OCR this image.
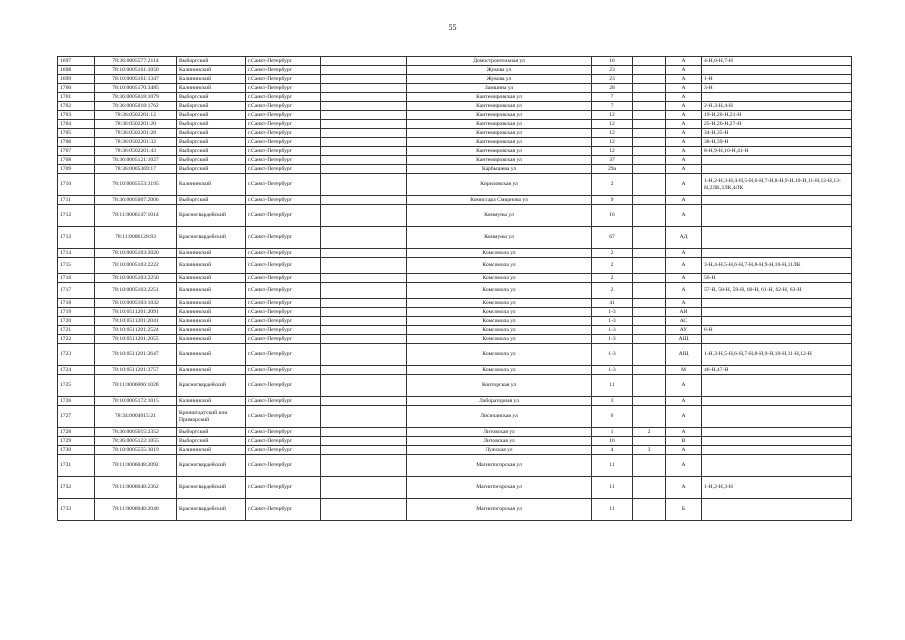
55
1697	78:36:0005577:2114	Выборгский	г.Санкт-Петербург		Домостроительная ул	16		А	4-Н,6-Н,7-Н
1698	78:10:0005161:1050	Калининский	г.Санкт-Петербург		Жукова ул	23		А	
1699	78:10:0005161:1347	Калининский	г.Санкт-Петербург		Жукова ул	23		А	1-Н
1700	78:10:0005170:3485	Калининский	г.Санкт-Петербург		Замшина ул	28		А	3-Н
1701	78:36:0005018:1079	Выборгский	г.Санкт-Петербург		Кантемировская ул	7		А	
1702	78:36:0005018:1762	Выборгский	г.Санкт-Петербург		Кантемировская ул	7		А	2-Н,3-Н,4-Н
1703	78:36:0502201:12	Выборгский	г.Санкт-Петербург		Кантемировская ул	12		А	19-Н,20-Н,21-Н
1704	78:36:0502201:20	Выборгский	г.Санкт-Петербург		Кантемировская ул	12		А	25-Н,26-Н,27-Н
1705	78:36:0502201:28	Выборгский	г.Санкт-Петербург		Кантемировская ул	12		А	34-Н,35-Н
1706	78:36:0502201:32	Выборгский	г.Санкт-Петербург		Кантемировская ул	12		А	38-Н,39-Н
1707	78:36:0502201:43	Выборгский	г.Санкт-Петербург		Кантемировская ул	12		А	8-Н,9-Н,10-Н,41-Н
1708	78:36:0005121:1027	Выборгский	г.Санкт-Петербург		Кантемировская ул	37		А	
1709	78:36:0005369:17	Выборгский	г.Санкт-Петербург		Карбышева ул	29а		А	
1710	78:10:0005553:3195	Калининский	г.Санкт-Петербург		Кириловская ул	2		А	1-Н,2-Н,3-Н,4-Н,5-Н,6-Н,7-Н,8-Н,9-Н,10-Н,11-Н,12-Н,13-Н,2ЛК,3ЛК,4ЛК
1711	78:36:0005007:2006	Выборгский	г.Санкт-Петербург		Комиссара Смирнова ул	9		А	
1712	78:11:0006147:1014	Красногвардейский	г.Санкт-Петербург		Коммуны ул	16		А	
1713	78:11:0006128:83	Красногвардейский	г.Санкт-Петербург		Коммуны ул	67		АД	
1714	78:10:0005103:2020	Калининский	г.Санкт-Петербург		Комсомола ул	2		А	
1715	78:10:0005103:2222	Калининский	г.Санкт-Петербург		Комсомола ул	2		А	3-Н,4-Н,5-Н,6-Н,7-Н,8-Н,9-Н,10-Н,11ЛК
1716	78:10:0005103:2250	Калининский	г.Санкт-Петербург		Комсомола ул	2		А	56-Н
1717	78:10:0005103:2251	Калининский	г.Санкт-Петербург		Комсомола ул	2		А	57-Н, 58-Н, 59-Н, 60-Н, 61-Н, 62-Н, 63-Н
1718	78:10:0005103:1032	Калининский	г.Санкт-Петербург		Комсомола ул	41		А	
1719	78:10:0511201:2091	Калининский	г.Санкт-Петербург		Комсомола ул	1-3		АИ	
1720	78:10:0511201:2041	Калининский	г.Санкт-Петербург		Комсомола ул	1-3		АС	
1721	78:10:0511201:2524	Калининский	г.Санкт-Петербург		Комсомола ул	1-3		АУ	6-Н
1722	78:10:0511201:2055	Калининский	г.Санкт-Петербург		Комсомола ул	1-3		АЩ	
1723	78:10:0511201:2647	Калининский	г.Санкт-Петербург		Комсомола ул	1-3		АЩ	1-Н,3-Н,5-Н,6-Н,7-Н,8-Н,9-Н,10-Н,11-Н,12-Н
1724	78:10:0511201:3757	Калининский	г.Санкт-Петербург		Комсомола ул	1-3		М	46-Н,47-Н
1725	78:11:0006066:1028	Красногвардейский	г.Санкт-Петербург		Конторская ул	11		А	
1726	78:10:0005172:1015	Калининский	г.Санкт-Петербург		Лабораторная ул	3		А	
1727	78:34:0004015:21	Кронштадтский или Приморский	г.Санкт-Петербург		Лисичанская ул	6		А	
1728	78:36:0005015:2352	Выборгский	г.Санкт-Петербург		Литовская ул	1	2	А	
1729	78:36:0005122:1055	Выборгский	г.Санкт-Петербург		Литовская ул	16		В	
1730	78:10:0005555:3019	Калининский	г.Санкт-Петербург		Лужская ул	4	3	А	
1731	78:11:0006048:2092	Красногвардейский	г.Санкт-Петербург		Магнитогорская ул	11		А	
1732	78:11:0006048:2362	Красногвардейский	г.Санкт-Петербург		Магнитогорская ул	11		А	1-Н,2-Н,3-Н
1733	78:11:0006048:2040	Красногвардейский	г.Санкт-Петербург		Магнитогорская ул	11		Б	
